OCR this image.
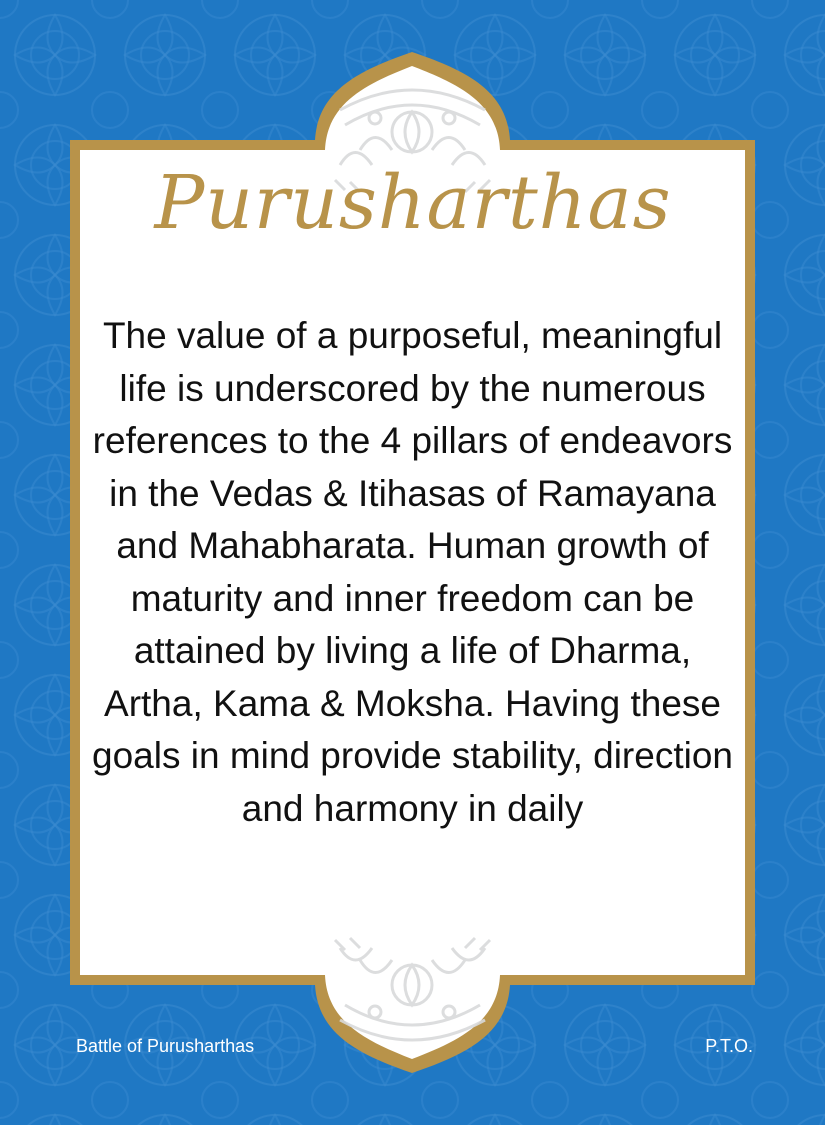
Purusharthas

The value of a purposeful, meaningful life is underscored by the numerous references to the 4 pillars of endeavors in the Vedas & Itihasas of Ramayana and Mahabharata. Human growth of maturity and inner freedom can be attained by living a life of Dharma, Artha, Kama & Moksha. Having these goals in mind provide stability, direction and harmony in daily

Battle of Purusharthas	P.T.O.
